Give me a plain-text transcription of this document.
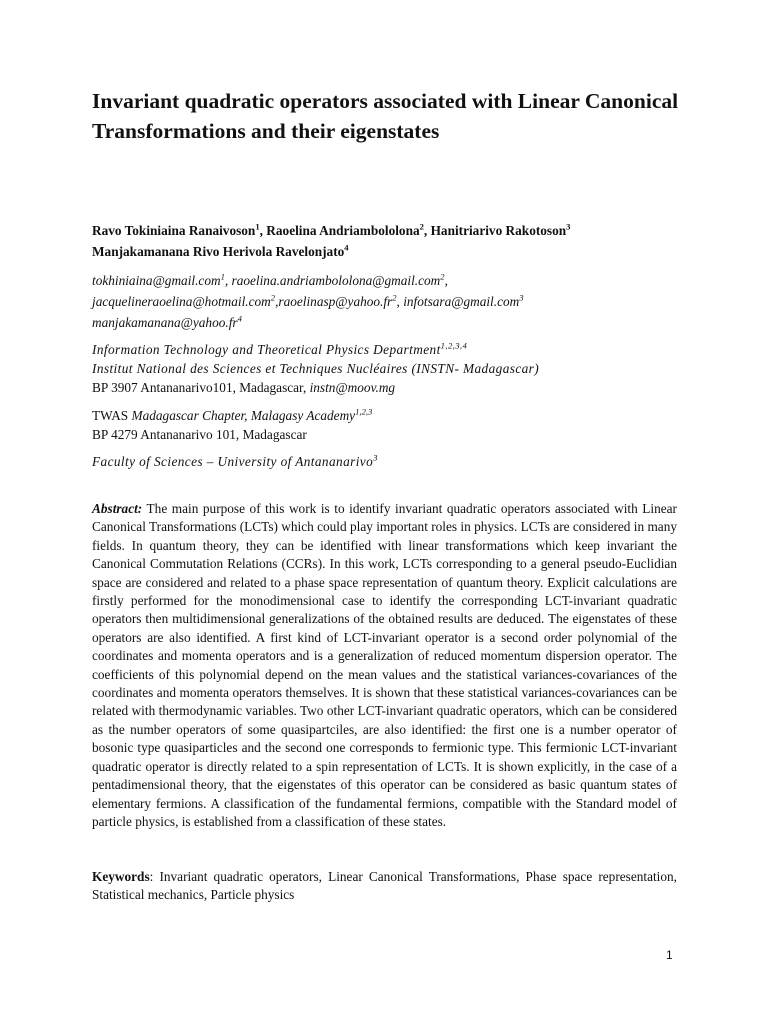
Invariant quadratic operators associated with Linear Canonical Transformations and their eigenstates
Ravo Tokiniaina Ranaivoson$^1$, Raoelina Andriambololona$^2$, Hanitriarivo Rakotoson$^3$
Manjakamanana Rivo Herivola Ravelonjato$^4$
tokhiniaina@gmail.com$^1$, raoelina.andriambololona@gmail.com$^2$,
$jacquelineraoelina@hotmail.com^2,raoelinasp@yahoo.fr^2$, infotsara@gmail.com$^3$
$manjakamanana@yahoo.fr^4$
Information Technology and Theoretical Physics Department$^{1,2,3,4}$
Institut National des Sciences et Techniques Nucléaires (INSTN- Madagascar)
BP 3907 Antananarivo101, Madagascar, instn@moov.mg
TWAS Madagascar Chapter, Malagasy Academy$^{1,2,3}$
BP 4279 Antananarivo 101, Madagascar
Faculty of Sciences – University of Antananarivo$^3$

Abstract: The main purpose of this work is to identify invariant quadratic operators associated with Linear Canonical Transformations (LCTs) which could play important roles in physics. LCTs are considered in many fields. In quantum theory, they can be identified with linear transformations which keep invariant the Canonical Commutation Relations (CCRs). In this work, LCTs corresponding to a general pseudo-Euclidian space are considered and related to a phase space representation of quantum theory. Explicit calculations are firstly performed for the monodimensional case to identify the corresponding LCT-invariant quadratic operators then multidimensional generalizations of the obtained results are deduced. The eigenstates of these operators are also identified. A first kind of LCT-invariant operator is a second order polynomial of the coordinates and momenta operators and is a generalization of reduced momentum dispersion operator. The coefficients of this polynomial depend on the mean values and the statistical variances-covariances of the coordinates and momenta operators themselves. It is shown that these statistical variances-covariances can be related with thermodynamic variables. Two other LCT-invariant quadratic operators, which can be considered as the number operators of some quasipartciles, are also identified: the first one is a number operator of bosonic type quasiparticles and the second one corresponds to fermionic type. This fermionic LCT-invariant quadratic operator is directly related to a spin representation of LCTs. It is shown explicitly, in the case of a pentadimensional theory, that the eigenstates of this operator can be considered as basic quantum states of elementary fermions. A classification of the fundamental fermions, compatible with the Standard model of particle physics, is established from a classification of these states.

Keywords: Invariant quadratic operators, Linear Canonical Transformations, Phase space representation, Statistical mechanics, Particle physics

1
